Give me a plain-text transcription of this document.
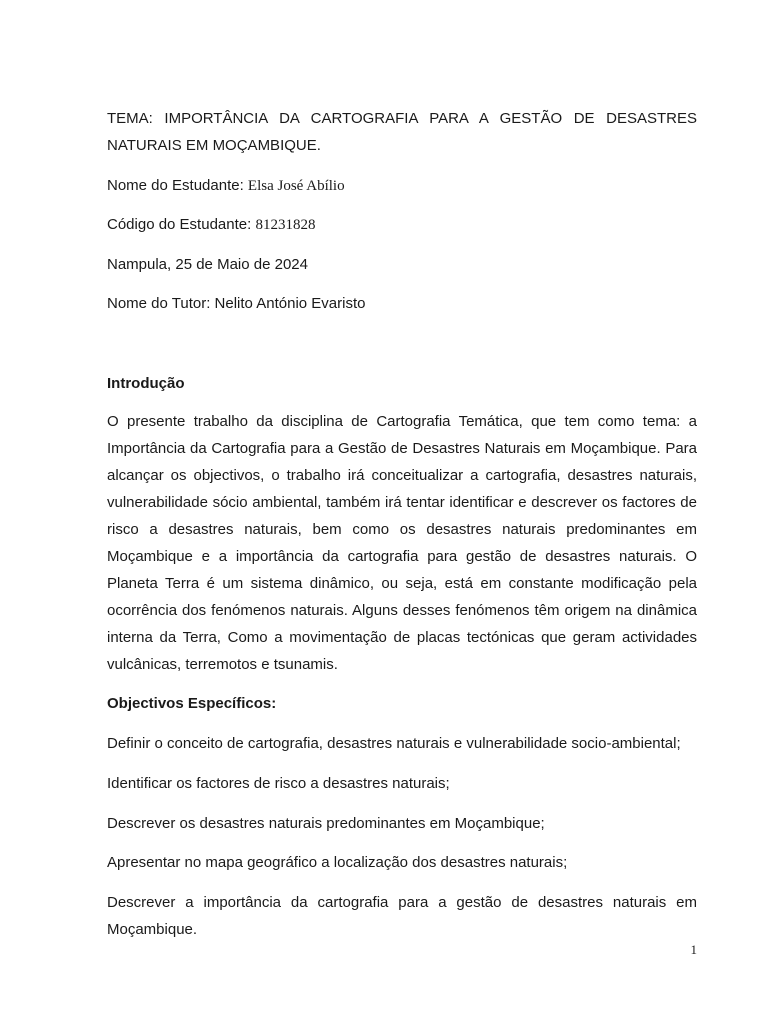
TEMA: IMPORTÂNCIA DA CARTOGRAFIA PARA A GESTÃO DE DESASTRES NATURAIS EM MOÇAMBIQUE.

Nome do Estudante: Elsa José Abílio

Código do Estudante: 81231828

Nampula, 25 de Maio de 2024

Nome do Tutor: Nelito António Evaristo

Introdução

O presente trabalho da disciplina de Cartografia Temática, que tem como tema: a Importância da Cartografia para a Gestão de Desastres Naturais em Moçambique. Para alcançar os objectivos, o trabalho irá conceitualizar a cartografia, desastres naturais, vulnerabilidade sócio ambiental, também irá tentar identificar e descrever os factores de risco a desastres naturais, bem como os desastres naturais predominantes em Moçambique e a importância da cartografia para gestão de desastres naturais. O Planeta Terra é um sistema dinâmico, ou seja, está em constante modificação pela ocorrência dos fenómenos naturais. Alguns desses fenómenos têm origem na dinâmica interna da Terra, Como a movimentação de placas tectónicas que geram actividades vulcânicas, terremotos e tsunamis.

Objectivos Específicos:

Definir o conceito de cartografia, desastres naturais e vulnerabilidade socio-ambiental;

Identificar os factores de risco a desastres naturais;

Descrever os desastres naturais predominantes em Moçambique;

Apresentar no mapa geográfico a localização dos desastres naturais;

Descrever a importância da cartografia para a gestão de desastres naturais em Moçambique.

1
